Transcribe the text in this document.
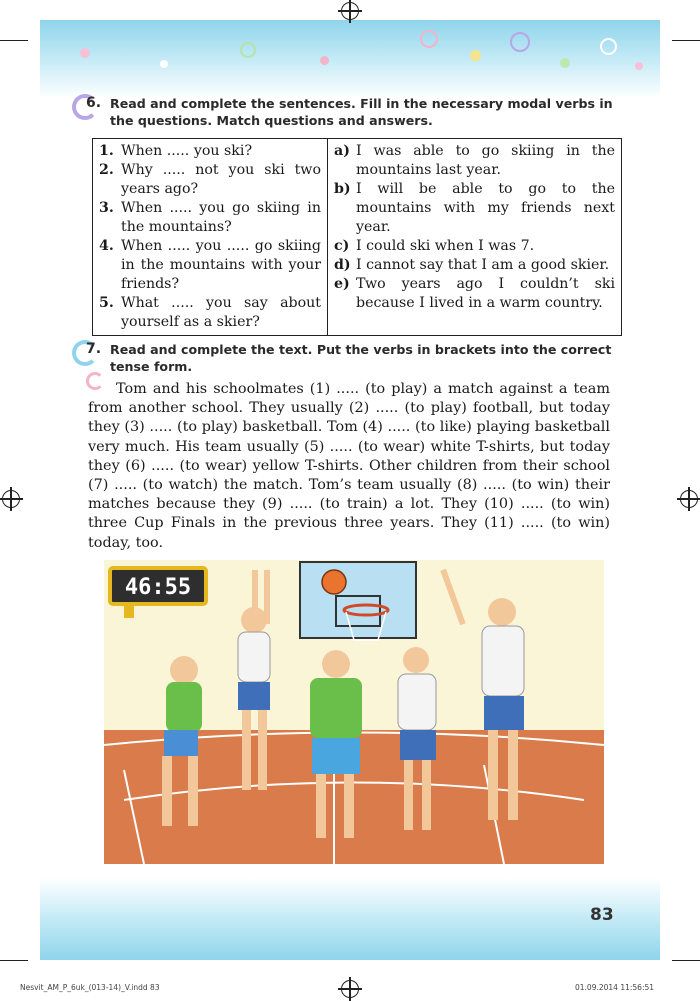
6. Read and complete the sentences. Fill in the necessary modal verbs in the questions. Match questions and answers.
1. When ..... you ski?
2. Why ..... not you ski two years ago?
3. When ..... you go skiing in the mountains?
4. When ..... you ..... go skiing in the mountains with your friends?
5. What ..... you say about yourself as a skier?

a) I was able to go skiing in the mountains last year.
b) I will be able to go to the mountains with my friends next year.
c) I could ski when I was 7.
d) I cannot say that I am a good skier.
e) Two years ago I couldn’t ski because I lived in a warm country.
7. Read and complete the text. Put the verbs in brackets into the correct tense form.
Tom and his schoolmates (1) ..... (to play) a match against a team from another school. They usually (2) ..... (to play) football, but today they (3) ..... (to play) basketball. Tom (4) ..... (to like) playing basketball very much. His team usually (5) ..... (to wear) white T-shirts, but today they (6) ..... (to wear) yellow T-shirts. Other children from their school (7) ..... (to watch) the match. Tom’s team usually (8) ..... (to win) their matches because they (9) ..... (to train) a lot. They (10) ..... (to win) three Cup Finals in the previous three years. They (11) ..... (to win) today, too.
46:55
83
Nesvit_AM_P_6uk_(013-14)_V.indd 83	01.09.2014 11:56:51
